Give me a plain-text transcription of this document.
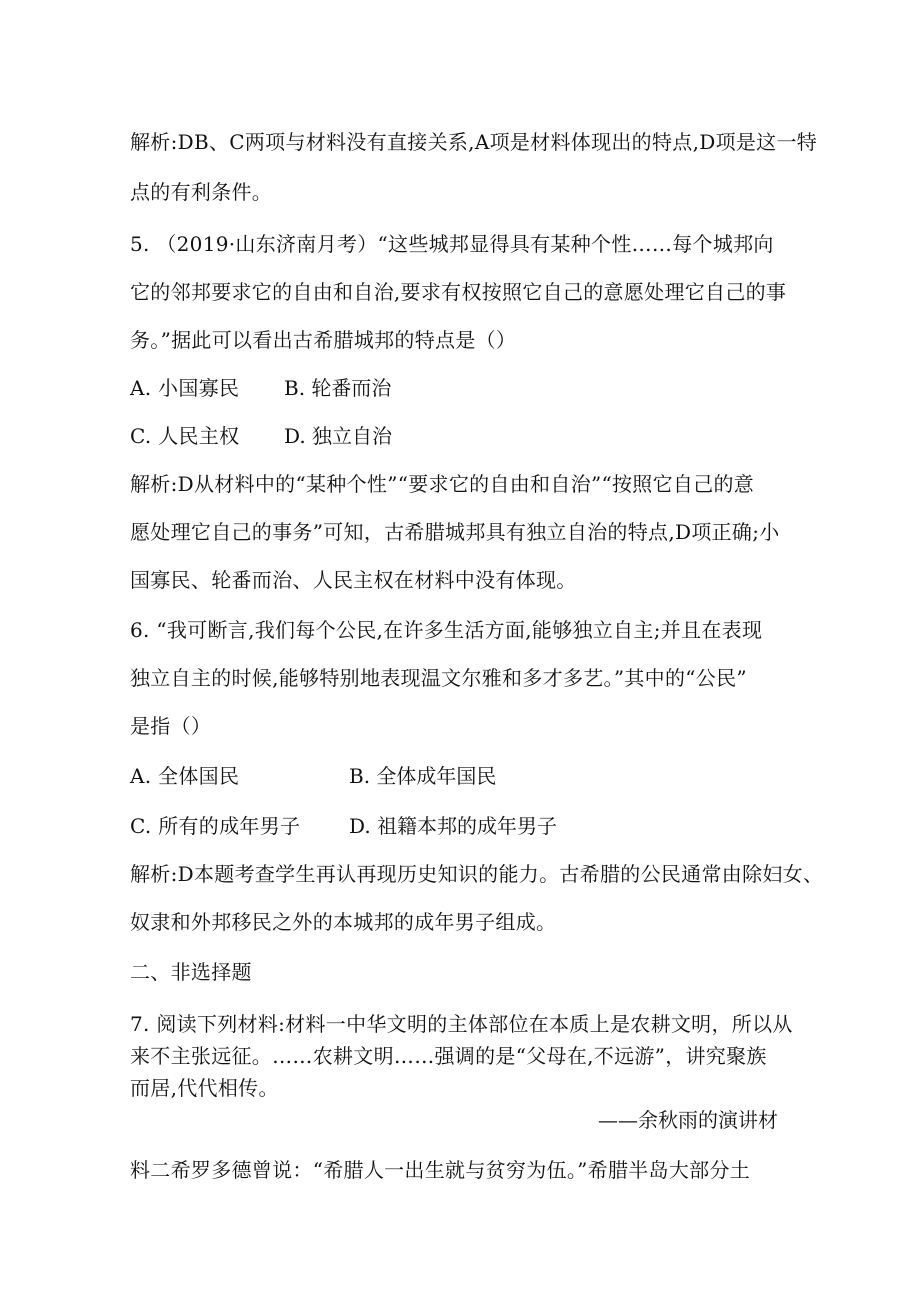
解析:DB、C两项与材料没有直接关系,A项是材料体现出的特点,D项是这一特
点的有利条件。
5. （2019·山东济南月考）“这些城邦显得具有某种个性……每个城邦向
它的邻邦要求它的自由和自治,要求有权按照它自己的意愿处理它自己的事
务。”据此可以看出古希腊城邦的特点是（）
A. 小国寡民 B. 轮番而治
C. 人民主权 D. 独立自治
解析:D从材料中的“某种个性”“要求它的自由和自治”“按照它自己的意
愿处理它自己的事务”可知，古希腊城邦具有独立自治的特点,D项正确;小
国寡民、轮番而治、人民主权在材料中没有体现。
6. “我可断言,我们每个公民,在许多生活方面,能够独立自主;并且在表现
独立自主的时候,能够特别地表现温文尔雅和多才多艺。”其中的“公民”
是指（）
A. 全体国民	B. 全体成年国民
C. 所有的成年男子 D. 祖籍本邦的成年男子
解析:D本题考查学生再认再现历史知识的能力。古希腊的公民通常由除妇女、
奴隶和外邦移民之外的本城邦的成年男子组成。
二、非选择题
7. 阅读下列材料:材料一中华文明的主体部位在本质上是农耕文明，所以从
来不主张远征。……农耕文明……强调的是“父母在,不远游”，讲究聚族
而居,代代相传。
——余秋雨的演讲材
料二希罗多德曾说：“希腊人一出生就与贫穷为伍。”希腊半岛大部分土
